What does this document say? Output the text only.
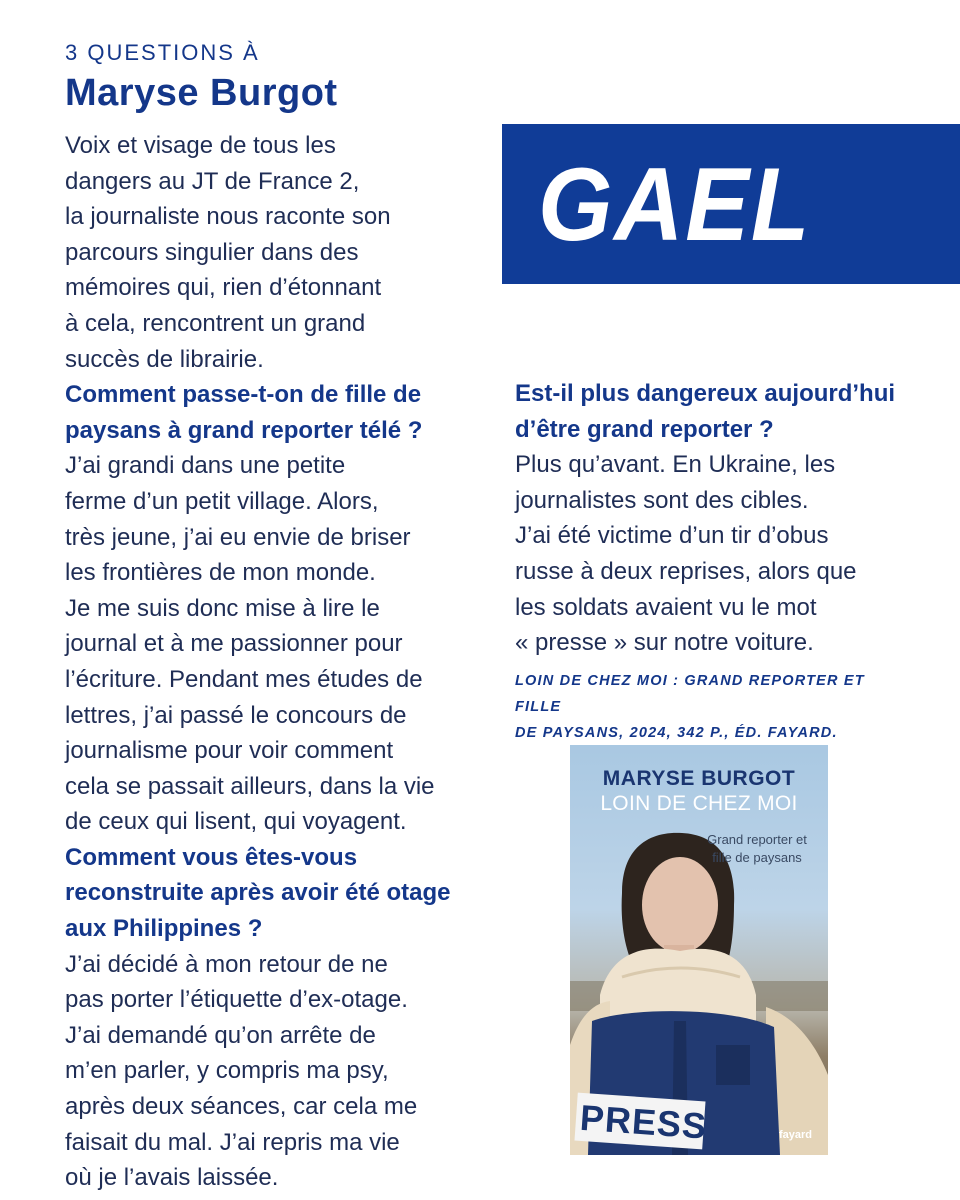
3 QUESTIONS À
Maryse Burgot

Voix et visage de tous les
dangers au JT de France 2,
la journaliste nous raconte son
parcours singulier dans des
mémoires qui, rien d’étonnant
à cela, rencontrent un grand
succès de librairie.

Comment passe-t-on de fille de paysans à grand reporter télé ?

J’ai grandi dans une petite
ferme d’un petit village. Alors,
très jeune, j’ai eu envie de briser
les frontières de mon monde.
Je me suis donc mise à lire le
journal et à me passionner pour
l’écriture. Pendant mes études de
lettres, j’ai passé le concours de
journalisme pour voir comment
cela se passait ailleurs, dans la vie
de ceux qui lisent, qui voyagent.

Comment vous êtes-vous reconstruite après avoir été otage aux Philippines ?

J’ai décidé à mon retour de ne
pas porter l’étiquette d’ex-otage.
J’ai demandé qu’on arrête de
m’en parler, y compris ma psy,
après deux séances, car cela me
faisait du mal. J’ai repris ma vie
où je l’avais laissée.

GAEL

Est-il plus dangereux aujourd’hui d’être grand reporter ?

Plus qu’avant. En Ukraine, les
journalistes sont des cibles.
J’ai été victime d’un tir d’obus
russe à deux reprises, alors que
les soldats avaient vu le mot
« presse » sur notre voiture.

LOIN DE CHEZ MOI : GRAND REPORTER ET FILLE
DE PAYSANS, 2024, 342 P., ÉD. FAYARD.
MARYSE BURGOT
LOIN DE CHEZ MOI
Grand reporter et
fille de paysans
PRESS	fayard
